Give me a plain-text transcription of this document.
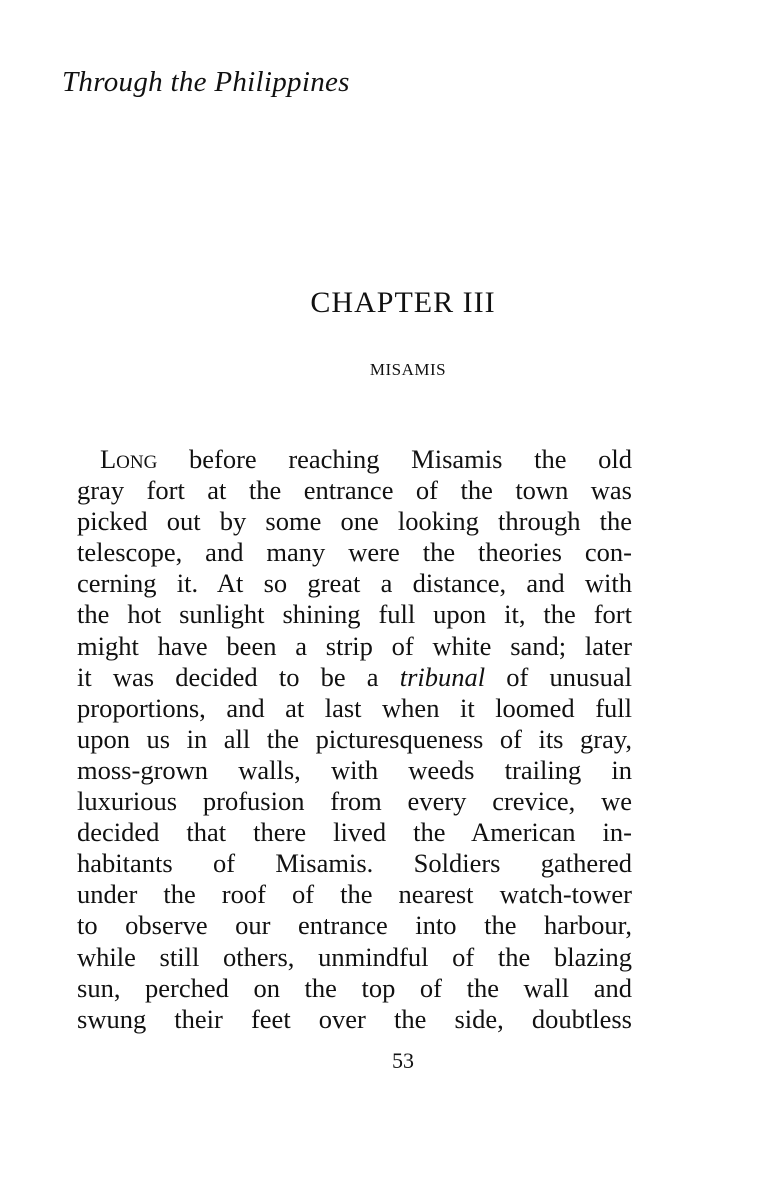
Through the Philippines
CHAPTER III
MISAMIS
Long before reaching Misamis the old
gray fort at the entrance of the town was
picked out by some one looking through the
telescope, and many were the theories con-
cerning it. At so great a distance, and with
the hot sunlight shining full upon it, the fort
might have been a strip of white sand; later
it was decided to be a tribunal of unusual
proportions, and at last when it loomed full
upon us in all the picturesqueness of its gray,
moss-grown walls, with weeds trailing in
luxurious profusion from every crevice, we
decided that there lived the American in-
habitants of Misamis. Soldiers gathered
under the roof of the nearest watch-tower
to observe our entrance into the harbour,
while still others, unmindful of the blazing
sun, perched on the top of the wall and
swung their feet over the side, doubtless
53
